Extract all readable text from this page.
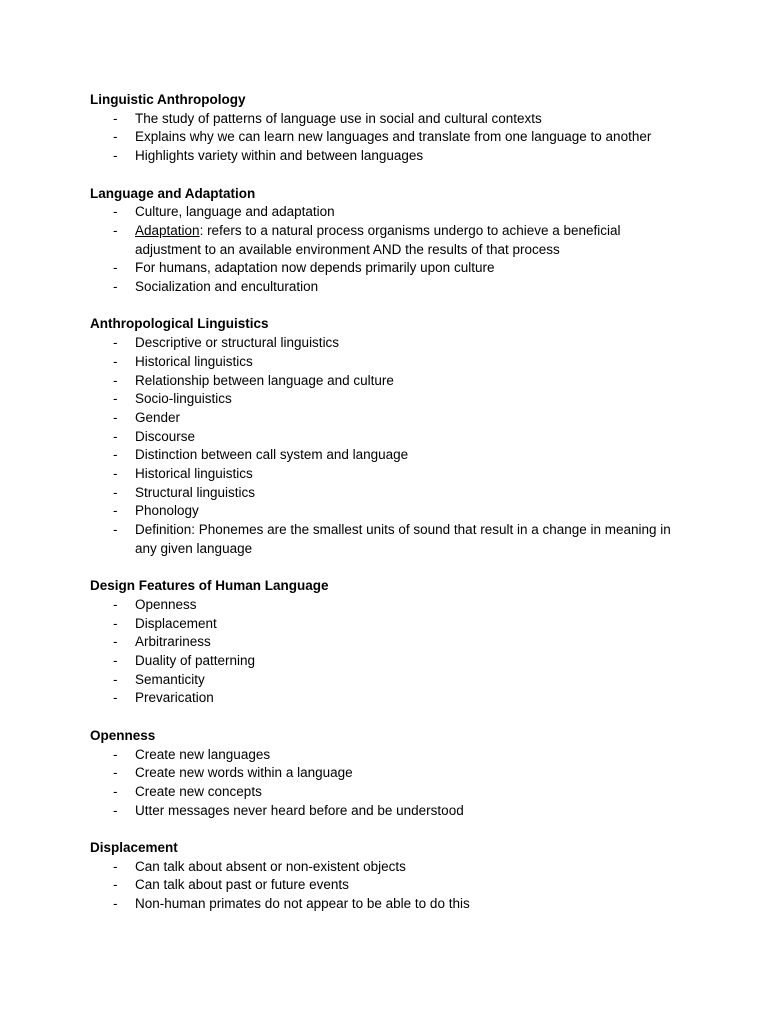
Linguistic Anthropology
- The study of patterns of language use in social and cultural contexts
- Explains why we can learn new languages and translate from one language to another
- Highlights variety within and between languages
Language and Adaptation
- Culture, language and adaptation
- Adaptation: refers to a natural process organisms undergo to achieve a beneficial adjustment to an available environment AND the results of that process
- For humans, adaptation now depends primarily upon culture
- Socialization and enculturation
Anthropological Linguistics
- Descriptive or structural linguistics
- Historical linguistics
- Relationship between language and culture
- Socio-linguistics
- Gender
- Discourse
- Distinction between call system and language
- Historical linguistics
- Structural linguistics
- Phonology
- Definition: Phonemes are the smallest units of sound that result in a change in meaning in any given language
Design Features of Human Language
- Openness
- Displacement
- Arbitrariness
- Duality of patterning
- Semanticity
- Prevarication
Openness
- Create new languages
- Create new words within a language
- Create new concepts
- Utter messages never heard before and be understood
Displacement
- Can talk about absent or non-existent objects
- Can talk about past or future events
- Non-human primates do not appear to be able to do this
